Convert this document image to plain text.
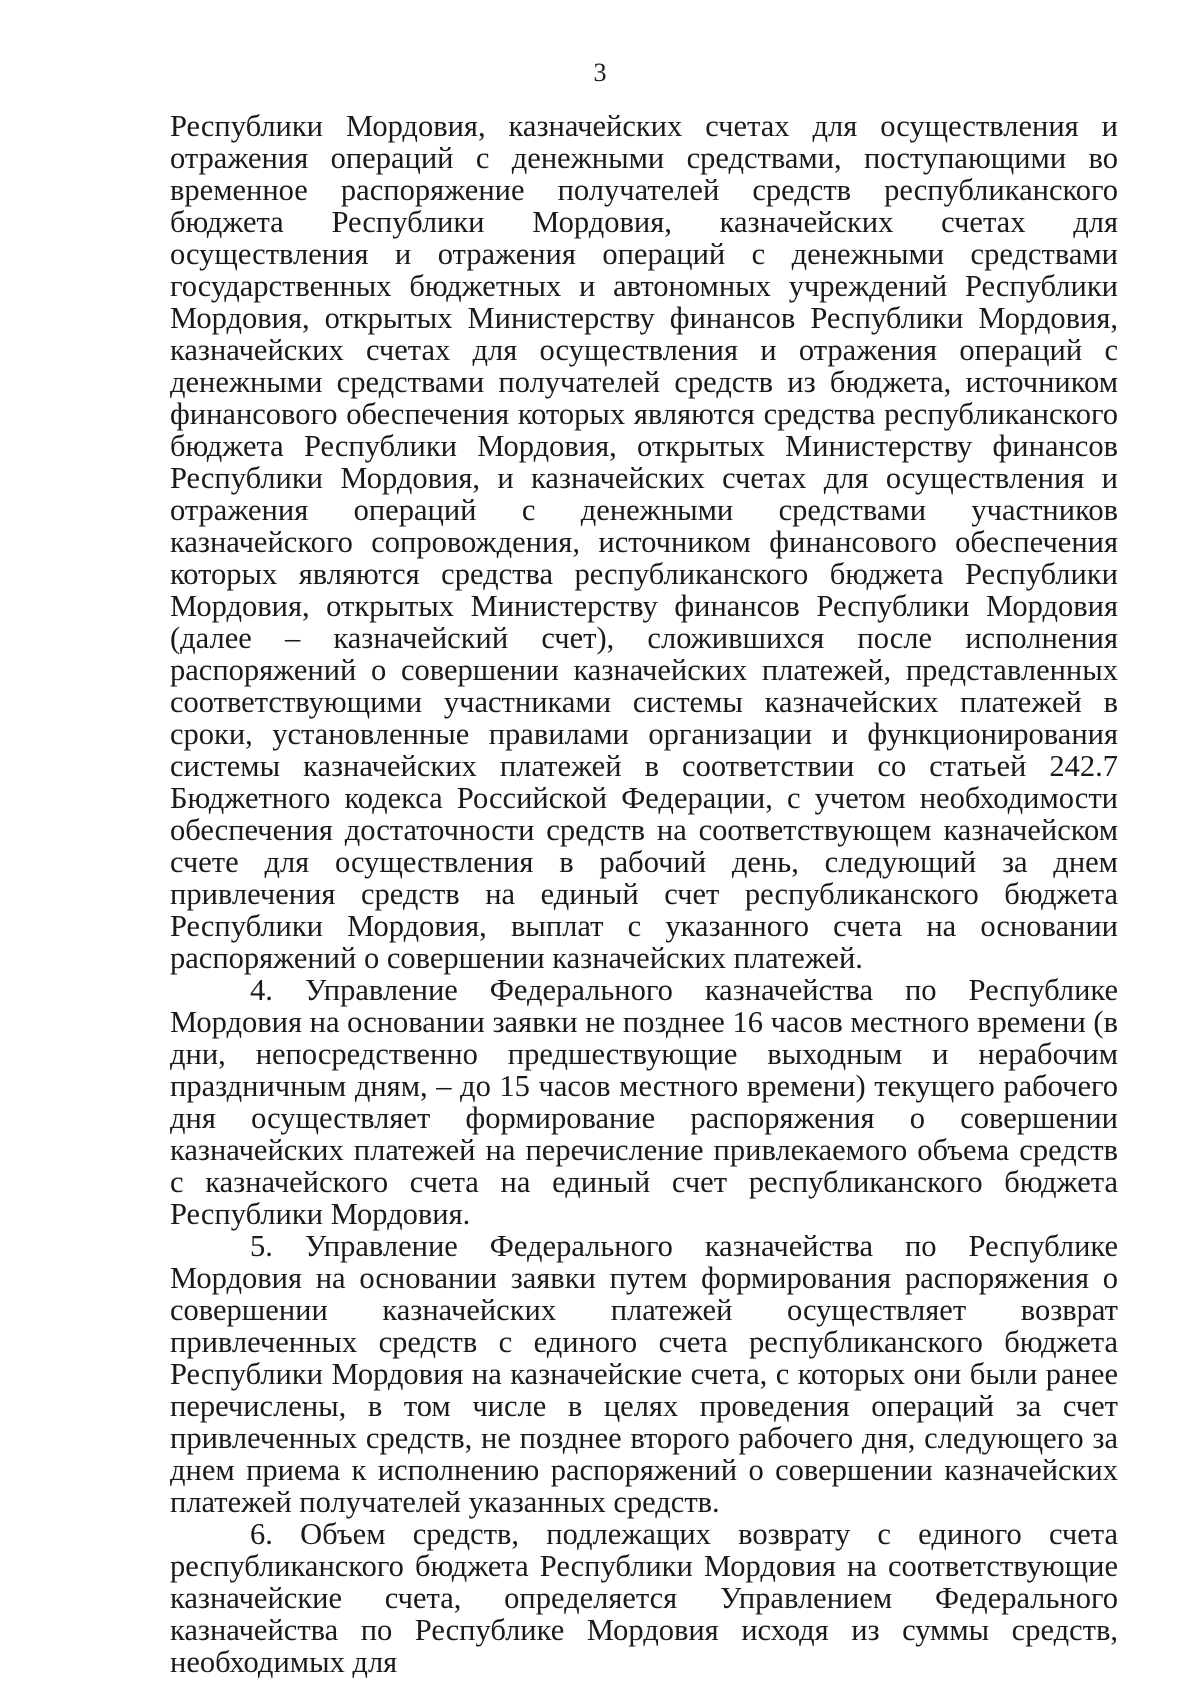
3

Республики Мордовия, казначейских счетах для осуществления и отражения операций с денежными средствами, поступающими во временное распоряжение получателей средств республиканского бюджета Республики Мордовия, казначейских счетах для осуществления и отражения операций с денежными средствами государственных бюджетных и автономных учреждений Республики Мордовия, открытых Министерству финансов Республики Мордовия, казначейских счетах для осуществления и отражения операций с денежными средствами получателей средств из бюджета, источником финансового обеспечения которых являются средства республиканского бюджета Республики Мордовия, открытых Министерству финансов Республики Мордовия, и казначейских счетах для осуществления и отражения операций с денежными средствами участников казначейского сопровождения, источником финансового обеспечения которых являются средства республиканского бюджета Республики Мордовия, открытых Министерству финансов Республики Мордовия (далее – казначейский счет), сложившихся после исполнения распоряжений о совершении казначейских платежей, представленных соответствующими участниками системы казначейских платежей в сроки, установленные правилами организации и функционирования системы казначейских платежей в соответствии со статьей 242.7 Бюджетного кодекса Российской Федерации, с учетом необходимости обеспечения достаточности средств на соответствующем казначейском счете для осуществления в рабочий день, следующий за днем привлечения средств на единый счет республиканского бюджета Республики Мордовия, выплат с указанного счета на основании распоряжений о совершении казначейских платежей.

4. Управление Федерального казначейства по Республике Мордовия на основании заявки не позднее 16 часов местного времени (в дни, непосредственно предшествующие выходным и нерабочим праздничным дням, – до 15 часов местного времени) текущего рабочего дня осуществляет формирование распоряжения о совершении казначейских платежей на перечисление привлекаемого объема средств с казначейского счета на единый счет республиканского бюджета Республики Мордовия.

5. Управление Федерального казначейства по Республике Мордовия на основании заявки путем формирования распоряжения о совершении казначейских платежей осуществляет возврат привлеченных средств с единого счета республиканского бюджета Республики Мордовия на казначейские счета, с которых они были ранее перечислены, в том числе в целях проведения операций за счет привлеченных средств, не позднее второго рабочего дня, следующего за днем приема к исполнению распоряжений о совершении казначейских платежей получателей указанных средств.

6. Объем средств, подлежащих возврату с единого счета республиканского бюджета Республики Мордовия на соответствующие казначейские счета, определяется Управлением Федерального казначейства по Республике Мордовия исходя из суммы средств, необходимых для
